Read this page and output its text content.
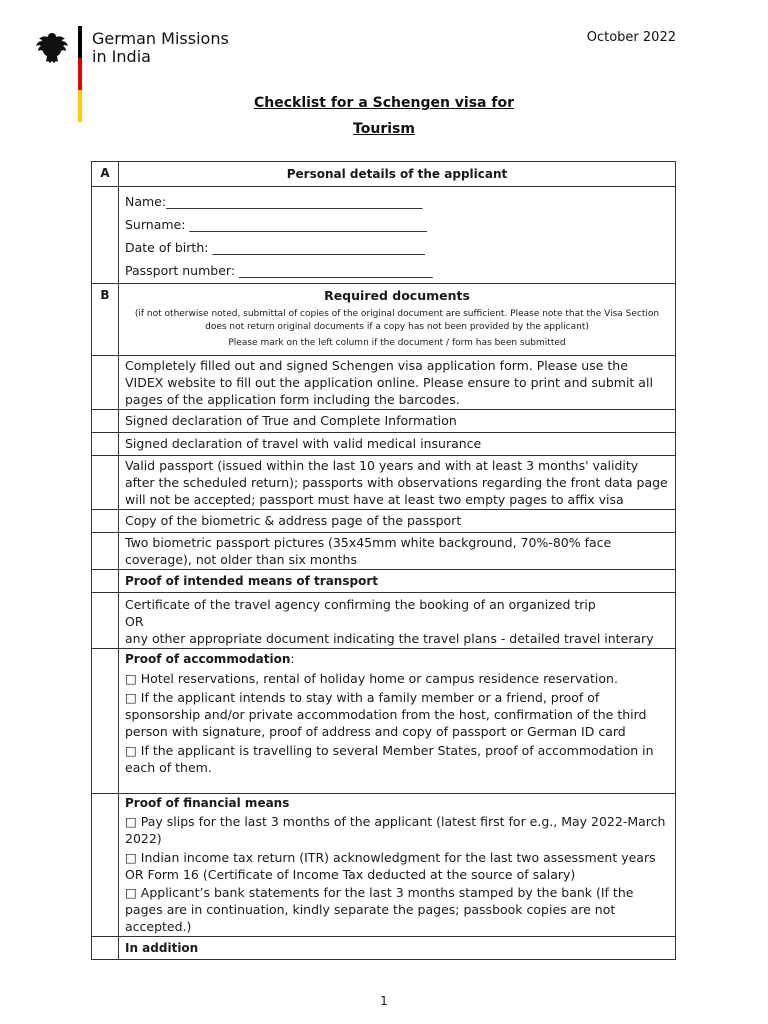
German Missions
in India
October 2022
Checklist for a Schengen visa for
Tourism
A	Personal details of the applicant

	Name:_________________________________________
Surname: ______________________________________
Date of birth: __________________________________
Passport number: _______________________________

B	Required documents
(if not otherwise noted, submittal of copies of the original document are sufficient. Please note that the Visa Section does not return original documents if a copy has not been provided by the applicant)
Please mark on the left column if the document / form has been submitted

	Completely filled out and signed Schengen visa application form. Please use the VIDEX website to fill out the application online. Please ensure to print and submit all pages of the application form including the barcodes.
	Signed declaration of True and Complete Information
	Signed declaration of travel with valid medical insurance
	Valid passport (issued within the last 10 years and with at least 3 months' validity after the scheduled return); passports with observations regarding the front data page will not be accepted; passport must have at least two empty pages to affix visa
	Copy of the biometric & address page of the passport
	Two biometric passport pictures (35x45mm white background, 70%-80% face coverage), not older than six months
	Proof of intended means of transport

	Certificate of the travel agency confirming the booking of an organized trip
OR
any other appropriate document indicating the travel plans - detailed travel interary

	Proof of accommodation:
□ Hotel reservations, rental of holiday home or campus residence reservation.
□ If the applicant intends to stay with a family member or a friend, proof of sponsorship and/or private accommodation from the host, confirmation of the third person with signature, proof of address and copy of passport or German ID card
□ If the applicant is travelling to several Member States, proof of accommodation in each of them.

	Proof of financial means
□ Pay slips for the last 3 months of the applicant (latest first for e.g., May 2022-March 2022)
□ Indian income tax return (ITR) acknowledgment for the last two assessment years OR Form 16 (Certificate of Income Tax deducted at the source of salary)
□ Applicant’s bank statements for the last 3 months stamped by the bank (If the pages are in continuation, kindly separate the pages; passbook copies are not accepted.)

	In addition
1
